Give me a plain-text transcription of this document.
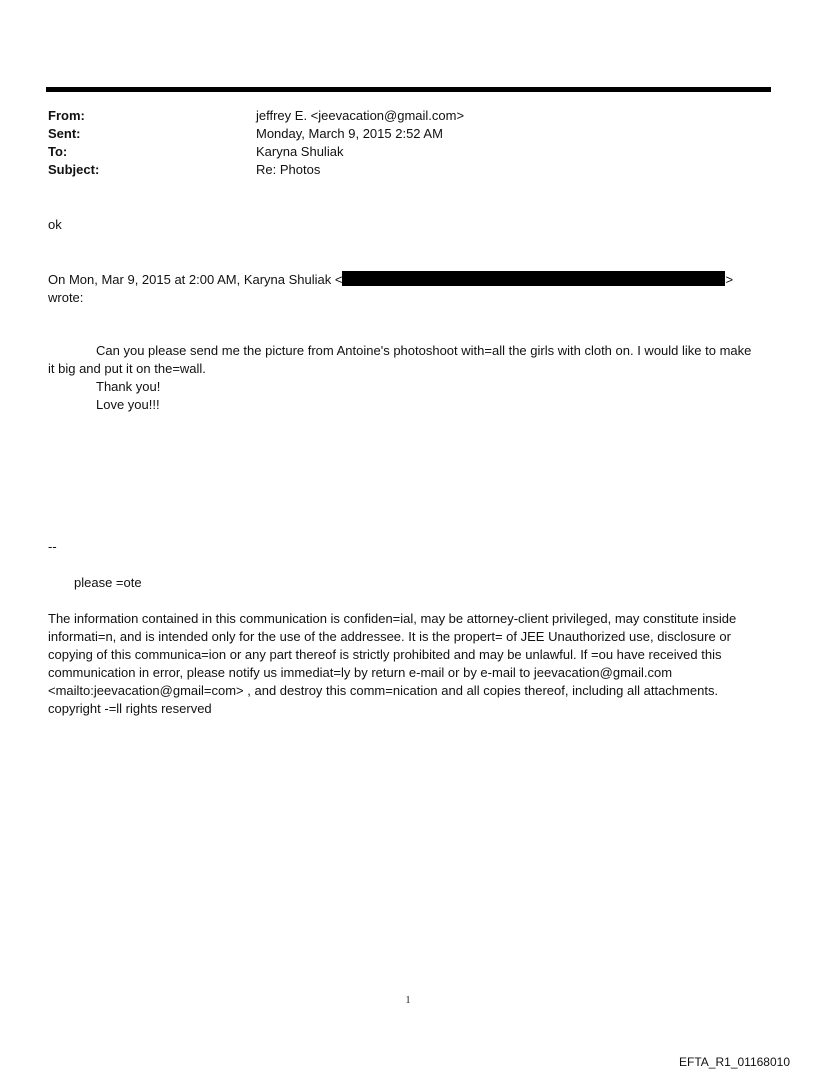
From:	jeffrey E. <jeevacation@gmail.com>
Sent:	Monday, March 9, 2015 2:52 AM
To:	Karyna Shuliak
Subject:	Re: Photos
ok
On Mon, Mar 9, 2015 at 2:00 AM, Karyna Shuliak <	>
wrote:
Can you please send me the picture from Antoine's photoshoot with=all the girls with cloth on. I would like to make it big and put it on the=wall.
Thank you!
Love you!!!
--
please =ote
The information contained in this communication is confiden=ial, may be attorney-client privileged, may constitute inside informati=n, and is intended only for the use of the addressee. It is the propert= of JEE Unauthorized use, disclosure or copying of this communica=ion or any part thereof is strictly prohibited and may be unlawful. If =ou have received this communication in error, please notify us immediat=ly by return e-mail or by e-mail to jeevacation@gmail.com <mailto:jeevacation@gmail=com> , and destroy this comm=nication and all copies thereof, including all attachments. copyright -=ll rights reserved
1
EFTA_R1_01168010
